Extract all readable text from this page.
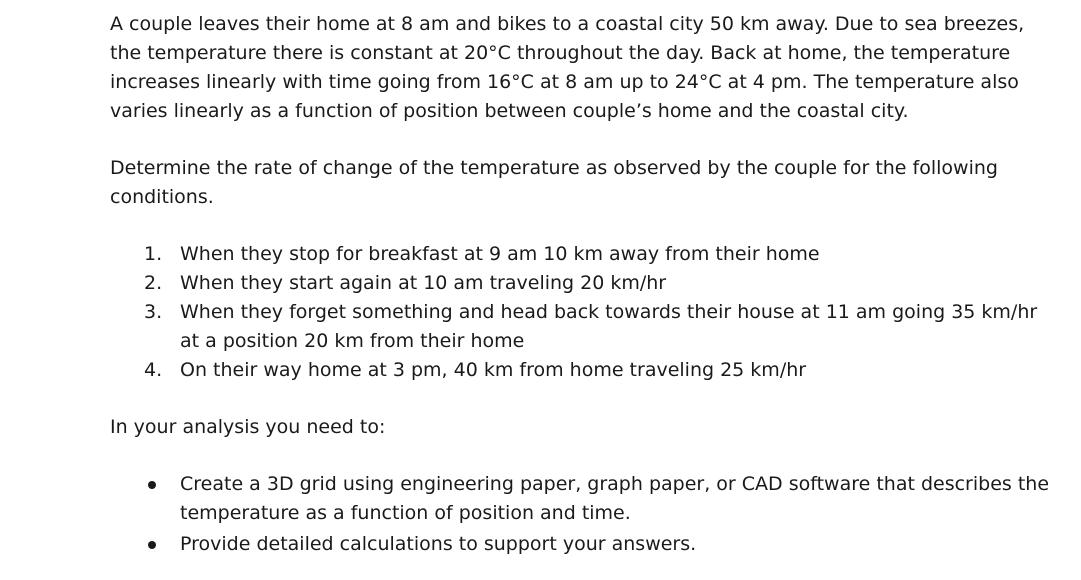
A couple leaves their home at 8 am and bikes to a coastal city 50 km away. Due to sea breezes, the temperature there is constant at 20°C throughout the day. Back at home, the temperature increases linearly with time going from 16°C at 8 am up to 24°C at 4 pm. The temperature also varies linearly as a function of position between couple’s home and the coastal city.

Determine the rate of change of the temperature as observed by the couple for the following conditions.

1. When they stop for breakfast at 9 am 10 km away from their home
2. When they start again at 10 am traveling 20 km/hr
3. When they forget something and head back towards their house at 11 am going 35 km/hr at a position 20 km from their home
4. On their way home at 3 pm, 40 km from home traveling 25 km/hr

In your analysis you need to:

Create a 3D grid using engineering paper, graph paper, or CAD software that describes the temperature as a function of position and time.
Provide detailed calculations to support your answers.
